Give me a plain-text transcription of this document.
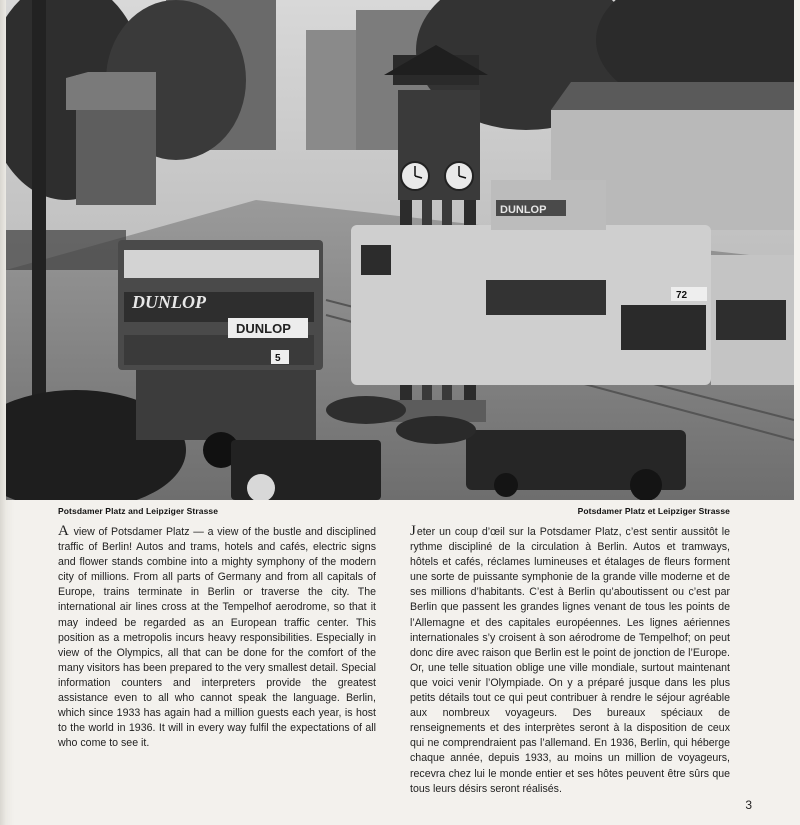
DUNLOP
DUNLOP
5
72
DUNLOP
Potsdamer Platz and Leipziger Strasse	Potsdamer Platz et Leipziger Strasse
A view of Potsdamer Platz — a view of the bustle and disciplined traffic of Berlin! Autos and trams, hotels and cafés, electric signs and flower stands combine into a mighty symphony of the modern city of millions. From all parts of Germany and from all capitals of Europe, trains terminate in Berlin or traverse the city. The international air lines cross at the Tempelhof aerodrome, so that it may indeed be regarded as an European traffic center. This position as a metropolis incurs heavy responsibilities. Especially in view of the Olympics, all that can be done for the comfort of the many visitors has been prepared to the very smallest detail. Special information counters and interpreters provide the greatest assistance even to all who cannot speak the language. Berlin, which since 1933 has again had a million guests each year, is host to the world in 1936. It will in every way fulfil the expectations of all who come to see it.
Jeter un coup d’œil sur la Potsdamer Platz, c’est sentir aussitôt le rythme discipliné de la circulation à Berlin. Autos et tramways, hôtels et cafés, réclames lumineuses et étalages de fleurs forment une sorte de puissante symphonie de la grande ville moderne et de ses millions d’habitants. C’est à Berlin qu’aboutissent ou c’est par Berlin que passent les grandes lignes venant de tous les points de l’Allemagne et des capitales européennes. Les lignes aériennes internationales s’y croisent à son aérodrome de Tempelhof; on peut donc dire avec raison que Berlin est le point de jonction de l’Europe. Or, une telle situation oblige une ville mondiale, surtout maintenant que voici venir l’Olympiade. On y a préparé jusque dans les plus petits détails tout ce qui peut contribuer à rendre le séjour agréable aux nombreux voyageurs. Des bureaux spéciaux de renseignements et des interprètes seront à la disposition de ceux qui ne comprendraient pas l’allemand. En 1936, Berlin, qui héberge chaque année, depuis 1933, au moins un million de voyageurs, recevra chez lui le monde entier et ses hôtes peuvent être sûrs que tous leurs désirs seront réalisés.
3
